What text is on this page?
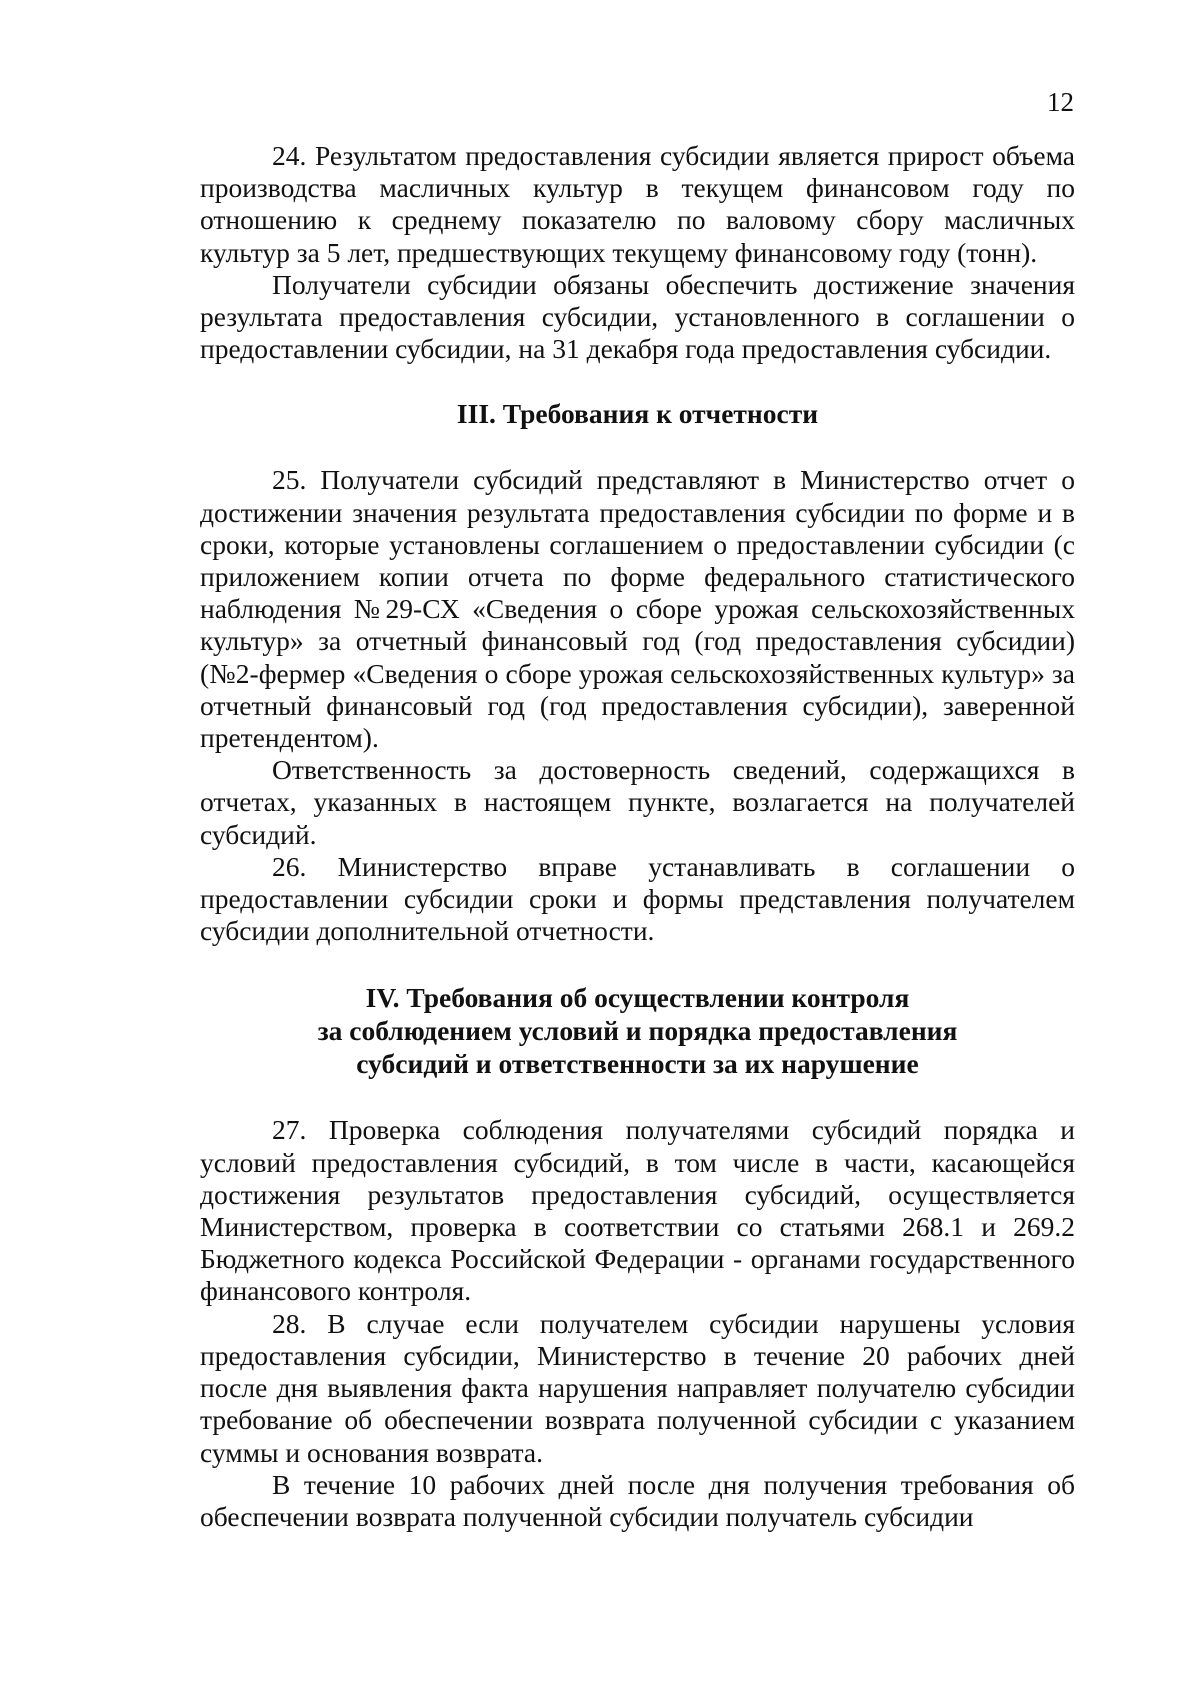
12

24. Результатом предоставления субсидии является прирост объема производства масличных культур в текущем финансовом году по отношению к среднему показателю по валовому сбору масличных культур за 5 лет, предшествующих текущему финансовому году (тонн).

Получатели субсидии обязаны обеспечить достижение значения результата предоставления субсидии, установленного в соглашении о предоставлении субсидии, на 31 декабря года предоставления субсидии.

III. Требования к отчетности

25. Получатели субсидий представляют в Министерство отчет о достижении значения результата предоставления субсидии по форме и в сроки, которые установлены соглашением о предоставлении субсидии (с приложением копии отчета по форме федерального статистического наблюдения №29-СХ «Сведения о сборе урожая сельскохозяйственных культур» за отчетный финансовый год (год предоставления субсидии) (№2-фермер «Сведения о сборе урожая сельскохозяйственных культур» за отчетный финансовый год (год предоставления субсидии), заверенной претендентом).

Ответственность за достоверность сведений, содержащихся в отчетах, указанных в настоящем пункте, возлагается на получателей субсидий.

26. Министерство вправе устанавливать в соглашении о предоставлении субсидии сроки и формы представления получателем субсидии дополнительной отчетности.

IV. Требования об осуществлении контроля
за соблюдением условий и порядка предоставления
субсидий и ответственности за их нарушение

27. Проверка соблюдения получателями субсидий порядка и условий предоставления субсидий, в том числе в части, касающейся достижения результатов предоставления субсидий, осуществляется Министерством, проверка в соответствии со статьями 268.1 и 269.2 Бюджетного кодекса Российской Федерации - органами государственного финансового контроля.

28. В случае если получателем субсидии нарушены условия предоставления субсидии, Министерство в течение 20 рабочих дней после дня выявления факта нарушения направляет получателю субсидии требование об обеспечении возврата полученной субсидии с указанием суммы и основания возврата.

В течение 10 рабочих дней после дня получения требования об обеспечении возврата полученной субсидии получатель субсидии
